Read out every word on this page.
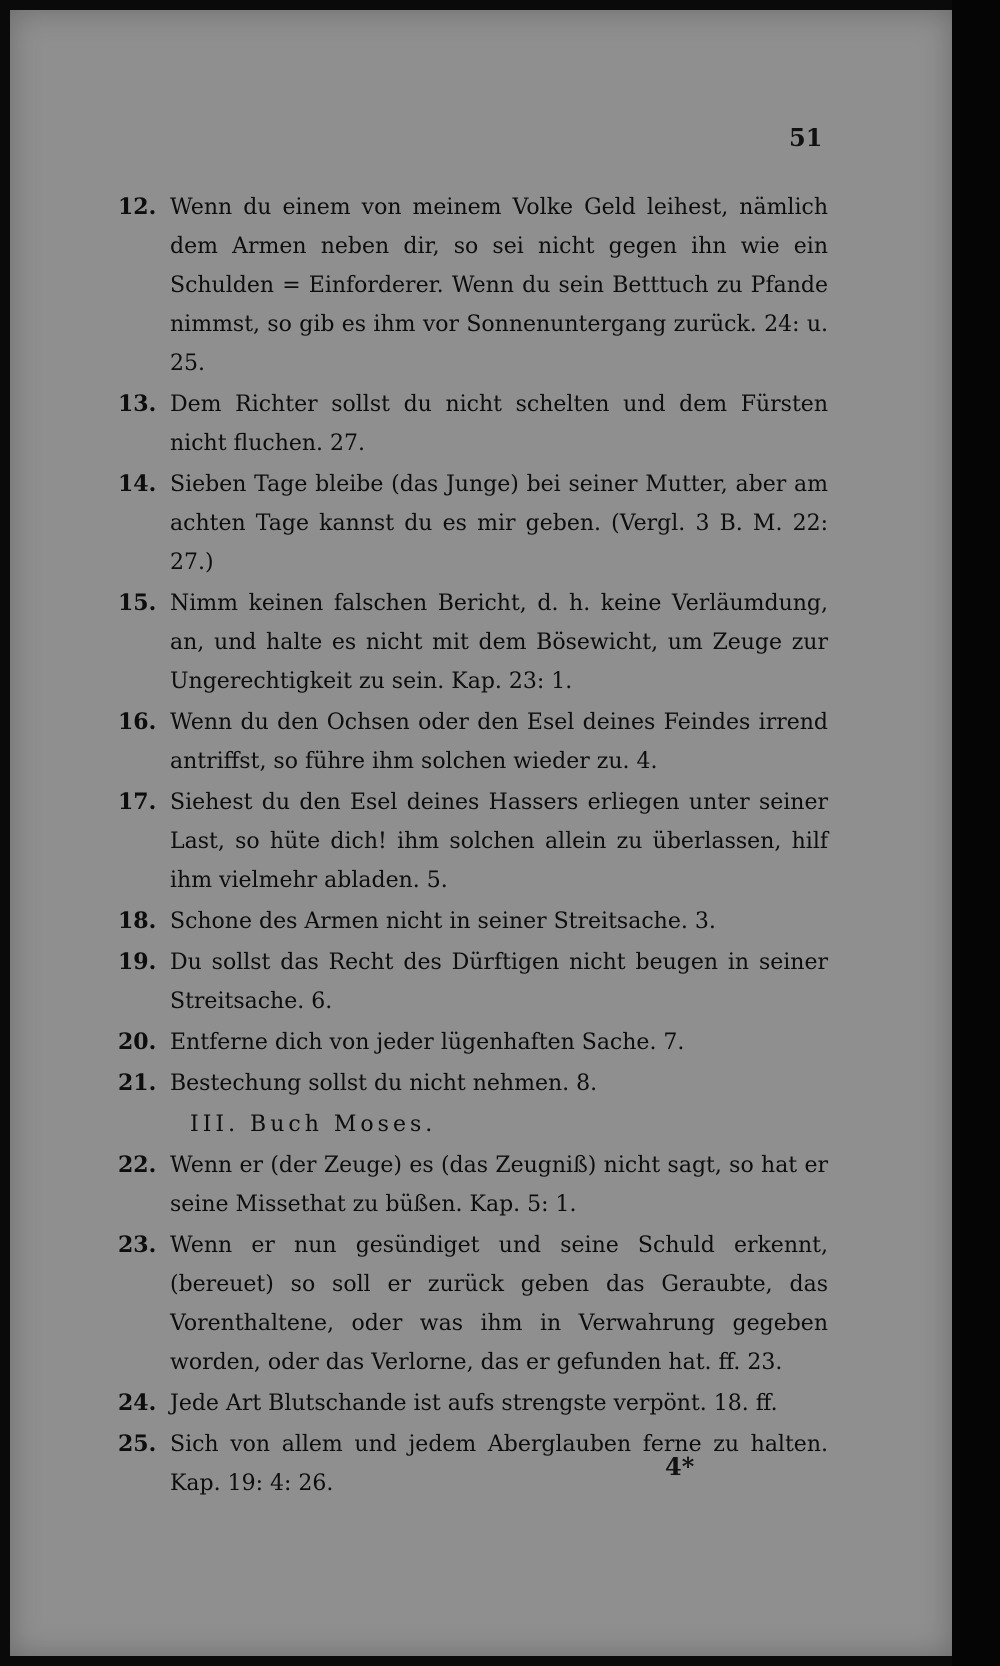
51
12. Wenn du einem von meinem Volke Geld leihest, nämlich dem Armen neben dir, so sei nicht gegen ihn wie ein Schulden = Einforderer. Wenn du sein Betttuch zu Pfande nimmst, so gib es ihm vor Sonnenuntergang zurück. 24: u. 25.
13. Dem Richter sollst du nicht schelten und dem Fürsten nicht fluchen. 27.
14. Sieben Tage bleibe (das Junge) bei seiner Mutter, aber am achten Tage kannst du es mir geben. (Vergl. 3 B. M. 22: 27.)
15. Nimm keinen falschen Bericht, d. h. keine Verläumdung, an, und halte es nicht mit dem Bösewicht, um Zeuge zur Ungerechtigkeit zu sein. Kap. 23: 1.
16. Wenn du den Ochsen oder den Esel deines Feindes irrend antriffst, so führe ihm solchen wieder zu. 4.
17. Siehest du den Esel deines Hassers erliegen unter seiner Last, so hüte dich! ihm solchen allein zu überlassen, hilf ihm vielmehr abladen. 5.
18. Schone des Armen nicht in seiner Streitsache. 3.
19. Du sollst das Recht des Dürftigen nicht beugen in seiner Streitsache. 6.
20. Entferne dich von jeder lügenhaften Sache. 7.
21. Bestechung sollst du nicht nehmen. 8.
III. Buch Moses.
22. Wenn er (der Zeuge) es (das Zeugniß) nicht sagt, so hat er seine Missethat zu büßen. Kap. 5: 1.
23. Wenn er nun gesündiget und seine Schuld erkennt, (bereuet) so soll er zurück geben das Geraubte, das Vorenthaltene, oder was ihm in Verwahrung gegeben worden, oder das Verlorne, das er gefunden hat. ff. 23.
24. Jede Art Blutschande ist aufs strengste verpönt. 18. ff.
25. Sich von allem und jedem Aberglauben ferne zu halten. Kap. 19: 4: 26.
4*
